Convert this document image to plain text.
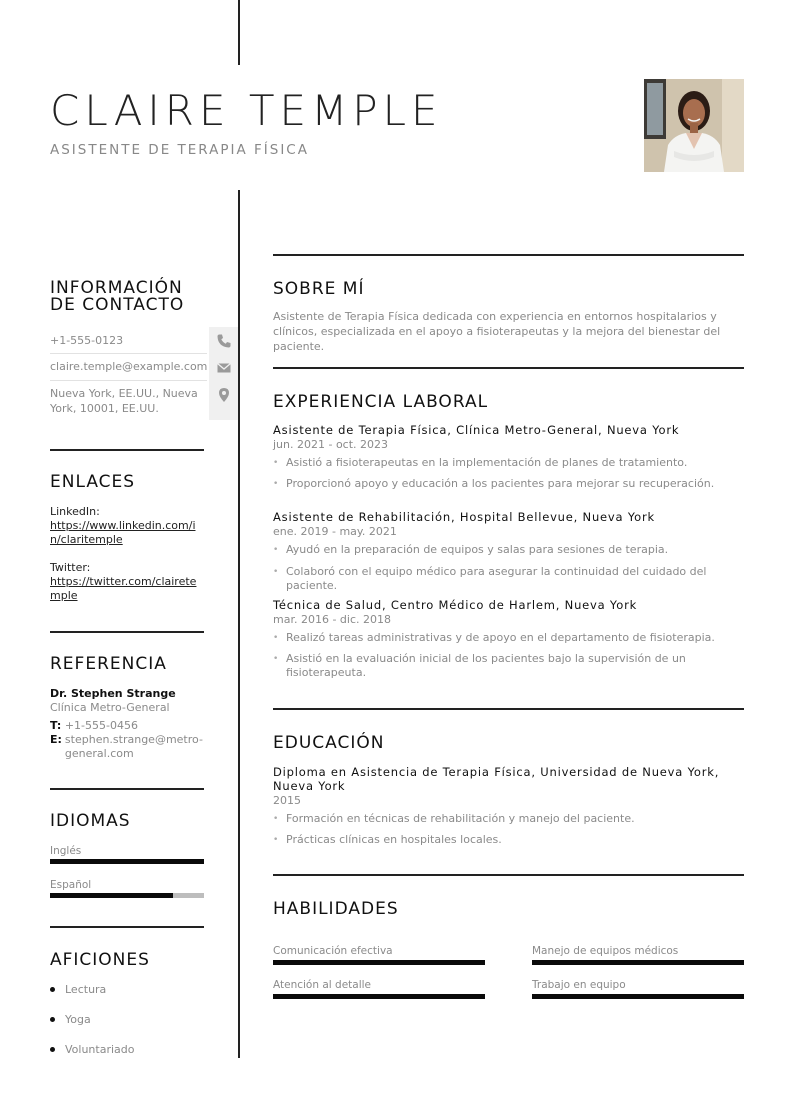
CLAIRE TEMPLE
ASISTENTE DE TERAPIA FÍSICA
INFORMACIÓN
DE CONTACTO
+1-555-0123
claire.temple@example.com
Nueva York, EE.UU., Nueva York, 10001, EE.UU.
ENLACES
LinkedIn:
https://www.linkedin.com/in/claritemple
Twitter:
https://twitter.com/clairetemple
REFERENCIA
Dr. Stephen Strange
Clínica Metro-General
T: +1-555-0456
E: stephen.strange@metro-general.com
IDIOMAS
Inglés
Español
AFICIONES
Lectura
Yoga
Voluntariado
SOBRE MÍ
Asistente de Terapia Física dedicada con experiencia en entornos hospitalarios y clínicos, especializada en el apoyo a fisioterapeutas y la mejora del bienestar del paciente.
EXPERIENCIA LABORAL
Asistente de Terapia Física, Clínica Metro-General, Nueva York
jun. 2021 - oct. 2023
• Asistió a fisioterapeutas en la implementación de planes de tratamiento.
• Proporcionó apoyo y educación a los pacientes para mejorar su recuperación.
Asistente de Rehabilitación, Hospital Bellevue, Nueva York
ene. 2019 - may. 2021
• Ayudó en la preparación de equipos y salas para sesiones de terapia.
• Colaboró con el equipo médico para asegurar la continuidad del cuidado del paciente.
Técnica de Salud, Centro Médico de Harlem, Nueva York
mar. 2016 - dic. 2018
• Realizó tareas administrativas y de apoyo en el departamento de fisioterapia.
• Asistió en la evaluación inicial de los pacientes bajo la supervisión de un fisioterapeuta.
EDUCACIÓN
Diploma en Asistencia de Terapia Física, Universidad de Nueva York, Nueva York
2015
• Formación en técnicas de rehabilitación y manejo del paciente.
• Prácticas clínicas en hospitales locales.
HABILIDADES
Comunicación efectiva	Manejo de equipos médicos
Atención al detalle	Trabajo en equipo
